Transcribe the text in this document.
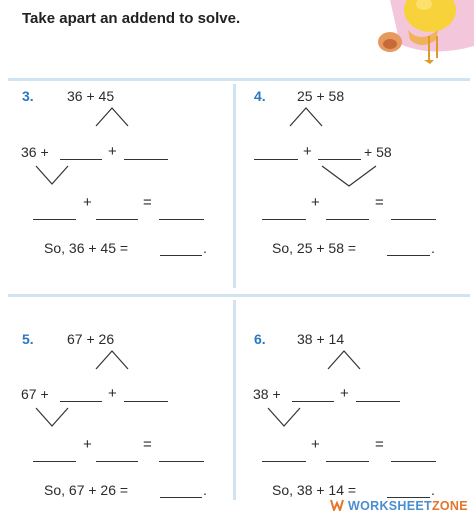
Take apart an addend to solve.
3. 36 + 45
36 +	+
+	=
So, 36 + 45 =	.
4. 25 + 58
+	+ 58
+	=
So, 25 + 58 =	.
5. 67 + 26
67 +	+
+	=
So, 67 + 26 =	.
6. 38 + 14
38 +	+
+	=
So, 38 + 14 =	.
WORKSHEETZONE
